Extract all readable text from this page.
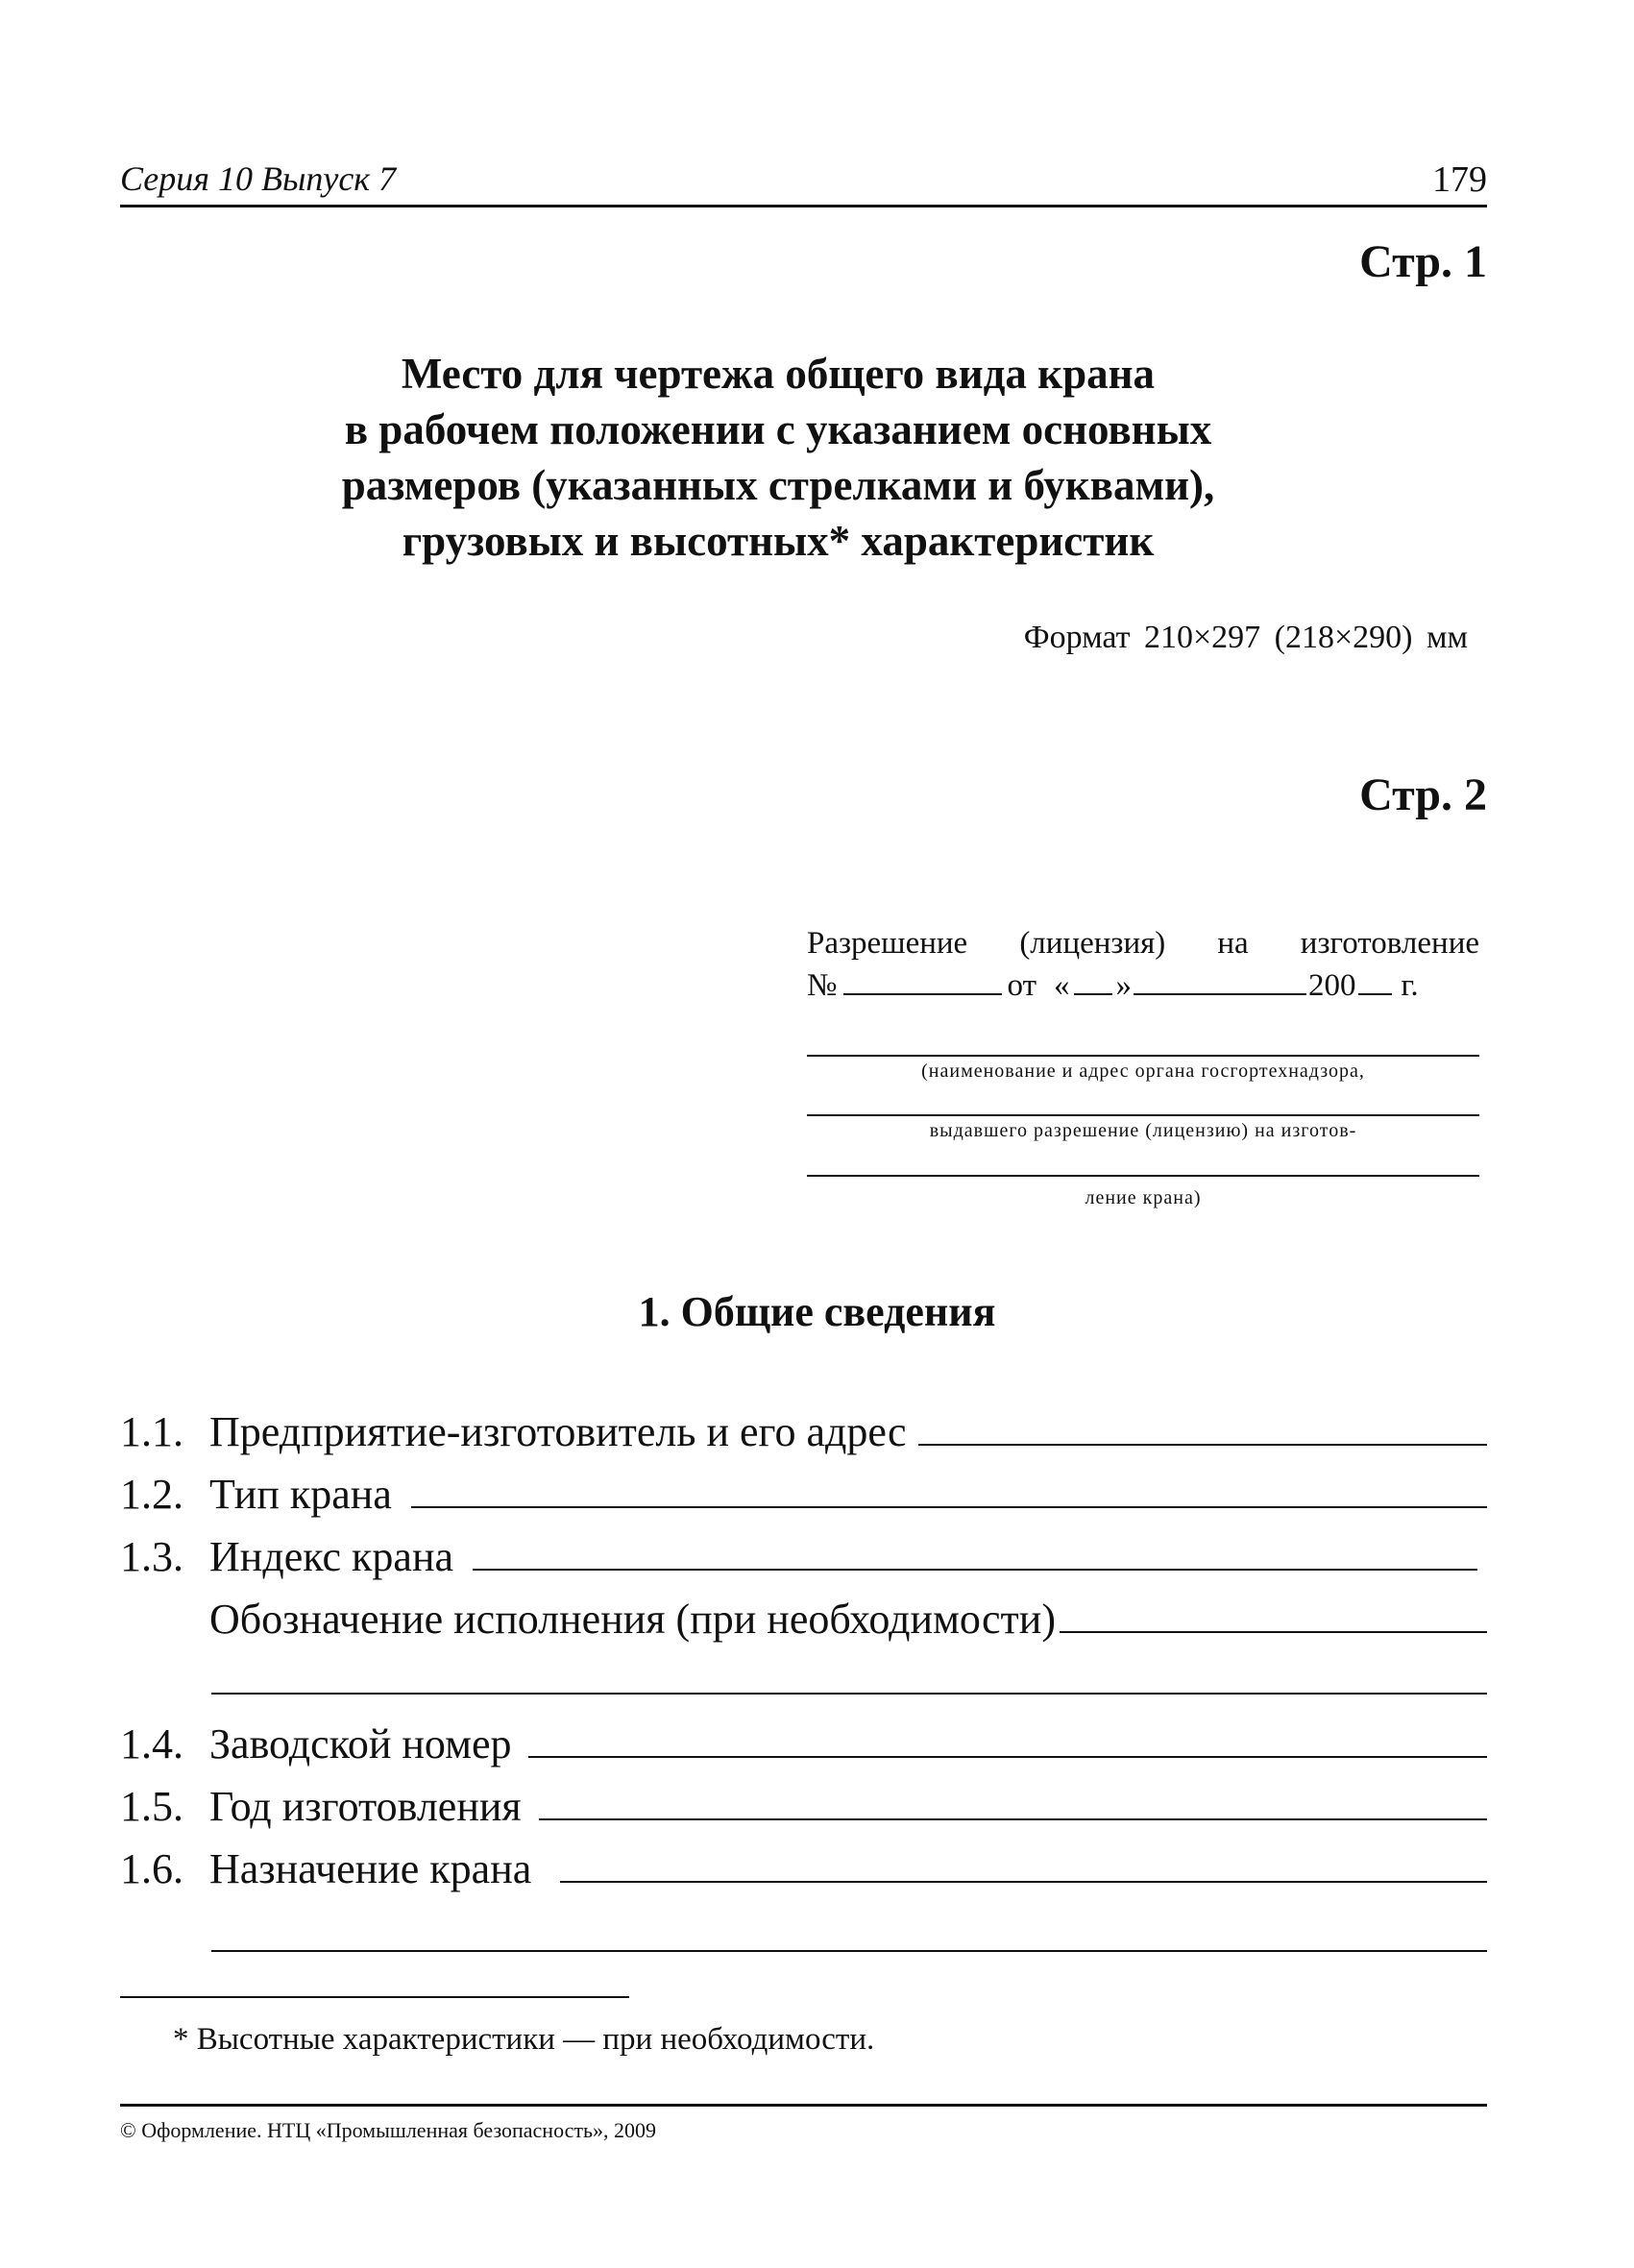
Серия 10 Выпуск 7	179
Стр. 1
Место для чертежа общего вида крана
в рабочем положении с указанием основных
размеров (указанных стрелками и буквами),
грузовых и высотных* характеристик
Формат 210×297 (218×290) мм
Стр. 2
Разрешение (лицензия) на изготовление
№	от « »	200 г.
(наименование и адрес органа госгортехнадзора,
выдавшего разрешение (лицензию) на изготов-
ление крана)
1. Общие сведения
1.1. Предприятие-изготовитель и его адрес
1.2. Тип крана
1.3. Индекс крана
Обозначение исполнения (при необходимости)
1.4. Заводской номер
1.5. Год изготовления
1.6. Назначение крана
* Высотные характеристики — при необходимости.
© Оформление. НТЦ «Промышленная безопасность», 2009
